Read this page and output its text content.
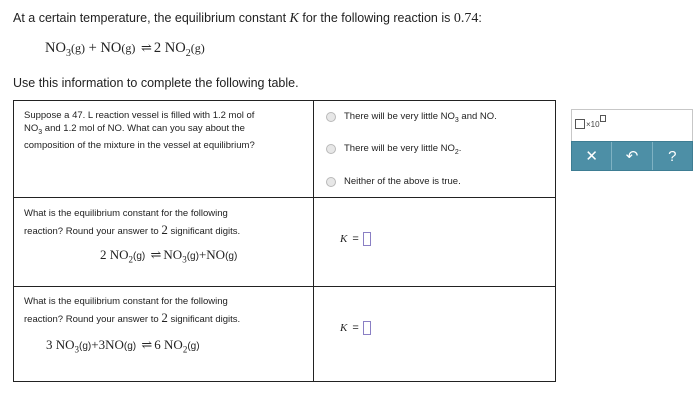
At a certain temperature, the equilibrium constant K for the following reaction is 0.74:
$NO_3(g) + NO(g)$ ⇌ 2 $NO_2(g)$
Use this information to complete the following table.
Suppose a 47. L reaction vessel is filled with 1.2 mol of
$NO_3$ and 1.2 mol of NO. What can you say about the
composition of the mixture in the vessel at equilibrium?
There will be very little $NO_3$ and NO.
There will be very little $NO_2$.
Neither of the above is true.
What is the equilibrium constant for the following
reaction? Round your answer to 2 significant digits.
2 $NO_2(g)$ ⇌ $NO_3(g)+NO(g)$
K =
What is the equilibrium constant for the following
reaction? Round your answer to 2 significant digits.
3 $NO_3(g)+3NO(g)$ ⇌ 6 $NO_2(g)$
K =
×10
✕ ↶ ?
